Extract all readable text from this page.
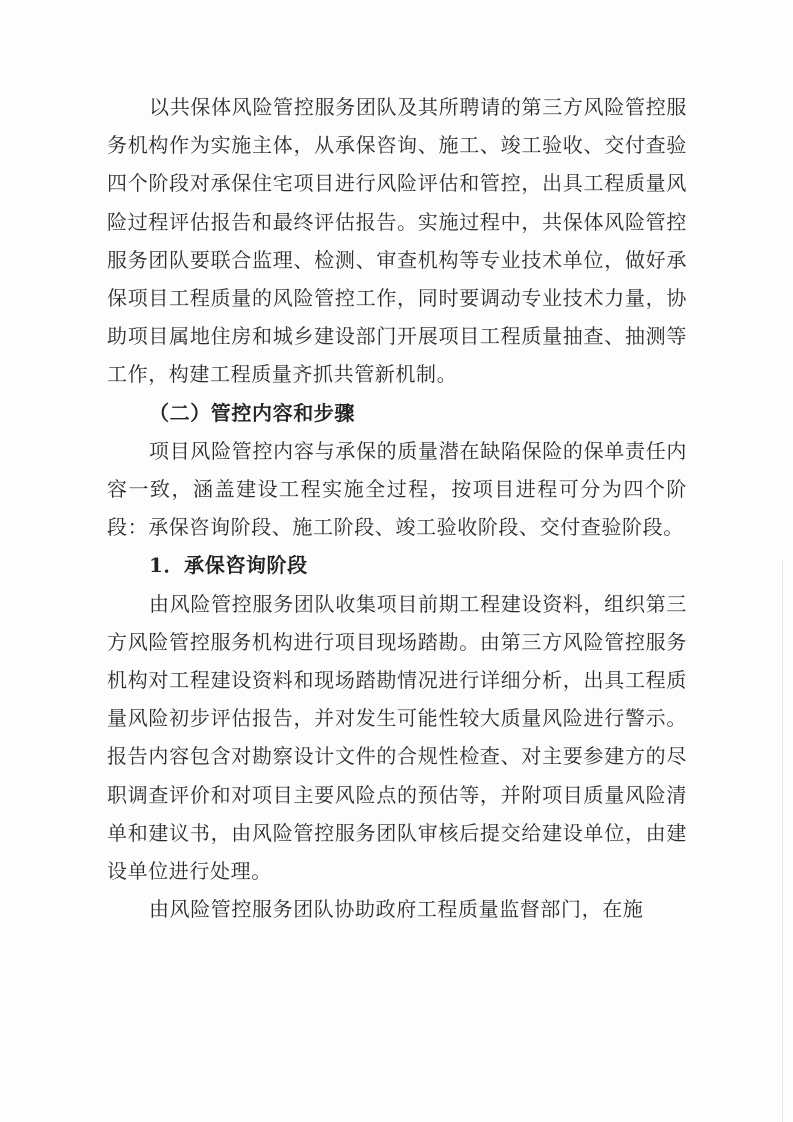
以共保体风险管控服务团队及其所聘请的第三方风险管控服务机构作为实施主体，从承保咨询、施工、竣工验收、交付查验四个阶段对承保住宅项目进行风险评估和管控，出具工程质量风险过程评估报告和最终评估报告。实施过程中，共保体风险管控服务团队要联合监理、检测、审查机构等专业技术单位，做好承保项目工程质量的风险管控工作，同时要调动专业技术力量，协助项目属地住房和城乡建设部门开展项目工程质量抽查、抽测等工作，构建工程质量齐抓共管新机制。

（二）管控内容和步骤

项目风险管控内容与承保的质量潜在缺陷保险的保单责任内容一致，涵盖建设工程实施全过程，按项目进程可分为四个阶段：承保咨询阶段、施工阶段、竣工验收阶段、交付查验阶段。

1．承保咨询阶段

由风险管控服务团队收集项目前期工程建设资料，组织第三方风险管控服务机构进行项目现场踏勘。由第三方风险管控服务机构对工程建设资料和现场踏勘情况进行详细分析，出具工程质量风险初步评估报告，并对发生可能性较大质量风险进行警示。报告内容包含对勘察设计文件的合规性检查、对主要参建方的尽职调查评价和对项目主要风险点的预估等，并附项目质量风险清单和建议书，由风险管控服务团队审核后提交给建设单位，由建设单位进行处理。

由风险管控服务团队协助政府工程质量监督部门，在施
